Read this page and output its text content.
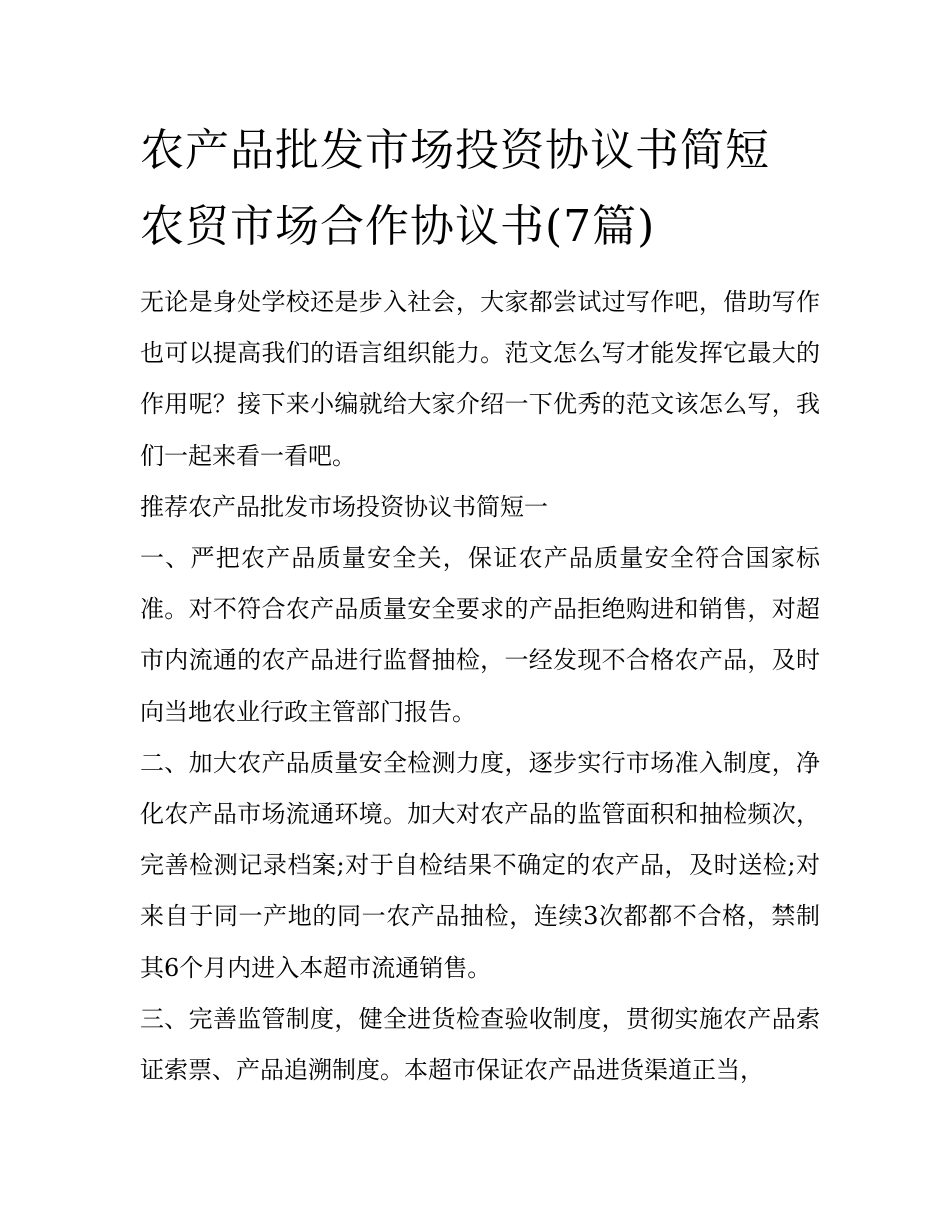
农产品批发市场投资协议书简短 农贸市场合作协议书(7篇)

无论是身处学校还是步入社会，大家都尝试过写作吧，借助写作也可以提高我们的语言组织能力。范文怎么写才能发挥它最大的作用呢？接下来小编就给大家介绍一下优秀的范文该怎么写，我们一起来看一看吧。

推荐农产品批发市场投资协议书简短一

一、严把农产品质量安全关，保证农产品质量安全符合国家标准。对不符合农产品质量安全要求的产品拒绝购进和销售，对超市内流通的农产品进行监督抽检，一经发现不合格农产品，及时向当地农业行政主管部门报告。

二、加大农产品质量安全检测力度，逐步实行市场准入制度，净化农产品市场流通环境。加大对农产品的监管面积和抽检频次，完善检测记录档案;对于自检结果不确定的农产品，及时送检;对来自于同一产地的同一农产品抽检，连续3次都都不合格，禁制其6个月内进入本超市流通销售。

三、完善监管制度，健全进货检查验收制度，贯彻实施农产品索证索票、产品追溯制度。本超市保证农产品进货渠道正当，
